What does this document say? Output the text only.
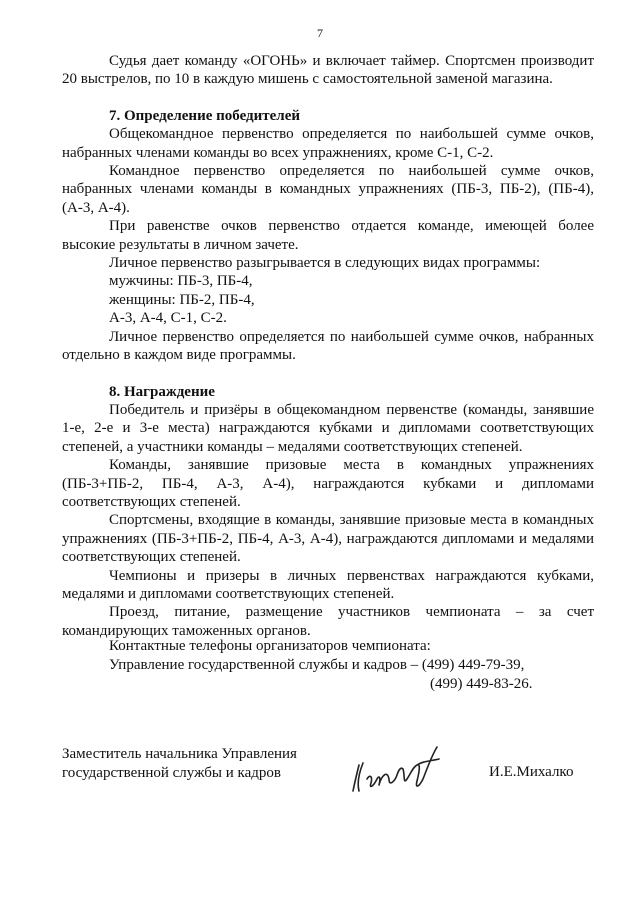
7

Судья дает команду «ОГОНЬ» и включает таймер. Спортсмен производит 20 выстрелов, по 10 в каждую мишень с самостоятельной заменой магазина.

7. Определение победителей

Общекомандное первенство определяется по наибольшей сумме очков, набранных членами команды во всех упражнениях, кроме С-1, С-2.

Командное первенство определяется по наибольшей сумме очков, набранных членами команды в командных упражнениях (ПБ-3, ПБ-2), (ПБ-4), (А-3, А-4).

При равенстве очков первенство отдается команде, имеющей более высокие результаты в личном зачете.

Личное первенство разыгрывается в следующих видах программы:

мужчины: ПБ-3, ПБ-4,

женщины: ПБ-2, ПБ-4,

А-3, А-4, С-1, С-2.

Личное первенство определяется по наибольшей сумме очков, набранных отдельно в каждом виде программы.

8. Награждение

Победитель и призёры в общекомандном первенстве (команды, занявшие 1-е, 2-е и 3-е места) награждаются кубками и дипломами соответствующих степеней, а участники команды – медалями соответствующих степеней.

Команды, занявшие призовые места в командных упражнениях (ПБ-3+ПБ-2, ПБ-4, А-3, А-4), награждаются кубками и дипломами соответствующих степеней.

Спортсмены, входящие в команды, занявшие призовые места в командных упражнениях (ПБ-3+ПБ-2, ПБ-4, А-3, А-4), награждаются дипломами и медалями соответствующих степеней.

Чемпионы и призеры в личных первенствах награждаются кубками, медалями и дипломами соответствующих степеней.

Проезд, питание, размещение участников чемпионата – за счет командирующих таможенных органов.

Контактные телефоны организаторов чемпионата:

Управление государственной службы и кадров – (499) 449-79-39,

(499) 449-83-26.

Заместитель начальника Управления

государственной службы и кадров	И.Е.Михалко
